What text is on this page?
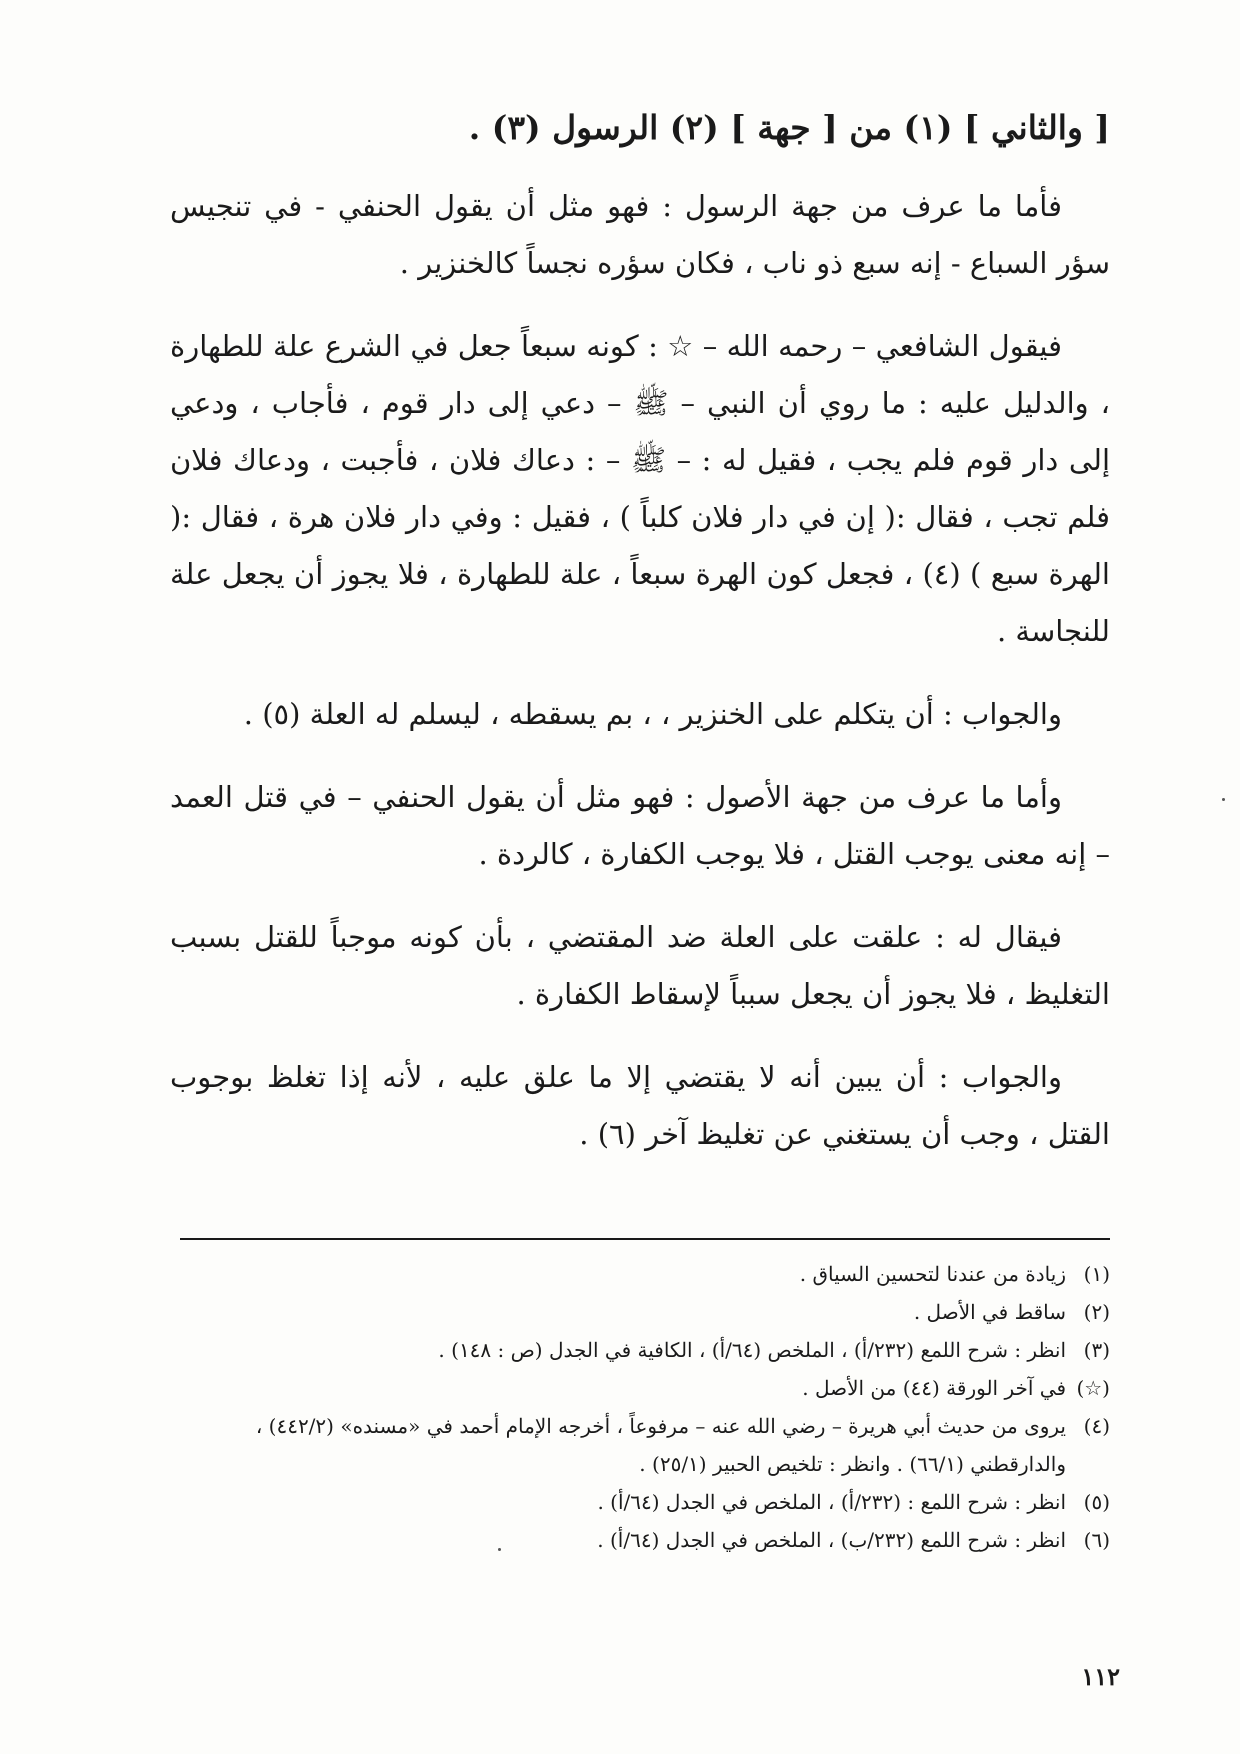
[ والثاني ] (١) من [ جهة ] (٢) الرسول (٣) .

فأما ما عرف من جهة الرسول : فهو مثل أن يقول الحنفي - في تنجيس سؤر السباع - إنه سبع ذو ناب ، فكان سؤره نجساً كالخنزير .

فيقول الشافعي – رحمه الله – ☆ : كونه سبعاً جعل في الشرع علة للطهارة ، والدليل عليه : ما روي أن النبي – ﷺ – دعي إلى دار قوم ، فأجاب ، ودعي إلى دار قوم فلم يجب ، فقيل له : – ﷺ – : دعاك فلان ، فأجبت ، ودعاك فلان فلم تجب ، فقال :( إن في دار فلان كلباً ) ، فقيل : وفي دار فلان هرة ، فقال :( الهرة سبع ) (٤) ، فجعل كون الهرة سبعاً ، علة للطهارة ، فلا يجوز أن يجعل علة للنجاسة .

والجواب : أن يتكلم على الخنزير ، ، بم يسقطه ، ليسلم له العلة (٥) .

وأما ما عرف من جهة الأصول : فهو مثل أن يقول الحنفي – في قتل العمد – إنه معنى يوجب القتل ، فلا يوجب الكفارة ، كالردة .

فيقال له : علقت على العلة ضد المقتضي ، بأن كونه موجباً للقتل بسبب التغليظ ، فلا يجوز أن يجعل سبباً لإسقاط الكفارة .

والجواب : أن يبين أنه لا يقتضي إلا ما علق عليه ، لأنه إذا تغلظ بوجوب القتل ، وجب أن يستغني عن تغليظ آخر (٦) .

(١)
زيادة من عندنا لتحسين السياق .
(٢)
ساقط في الأصل .
(٣)
انظر : شرح اللمع (٢٣٢/أ) ، الملخص (٦٤/أ) ، الكافية في الجدل (ص : ١٤٨) .
(☆)
في آخر الورقة (٤٤) من الأصل .
(٤)
يروى من حديث أبي هريرة – رضي الله عنه – مرفوعاً ، أخرجه الإمام أحمد في «مسنده» (٤٤٢/٢) ، والدارقطني (٦٦/١) . وانظر : تلخيص الحبير (٢٥/١) .
(٥)
انظر : شرح اللمع : (٢٣٢/أ) ، الملخص في الجدل (٦٤/أ) .
(٦)
انظر : شرح اللمع (٢٣٢/ب) ، الملخص في الجدل (٦٤/أ) .
١١٢
